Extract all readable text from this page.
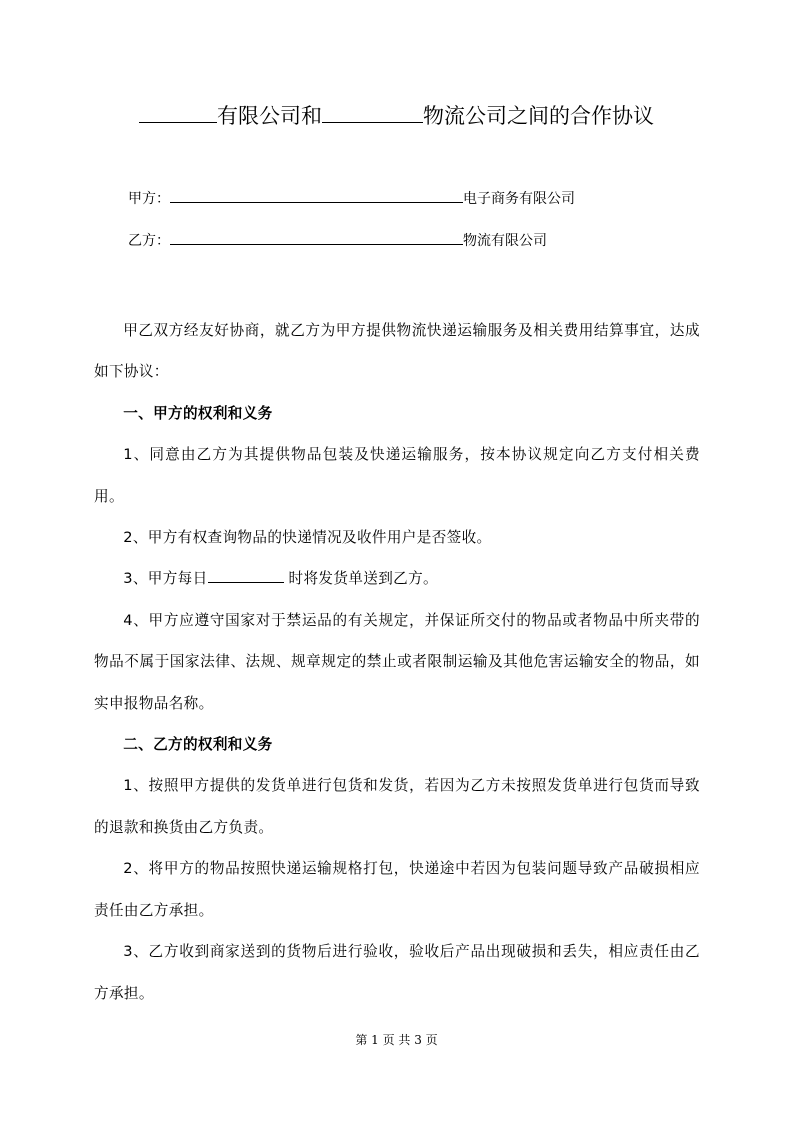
有限公司和	物流公司之间的合作协议
甲方：	电子商务有限公司
乙方：	物流有限公司

甲乙双方经友好协商，就乙方为甲方提供物流快递运输服务及相关费用结算事宜，达成如下协议：

一、甲方的权利和义务

1、同意由乙方为其提供物品包装及快递运输服务，按本协议规定向乙方支付相关费用。

2、甲方有权查询物品的快递情况及收件用户是否签收。

3、甲方每日	时将发货单送到乙方。

4、甲方应遵守国家对于禁运品的有关规定，并保证所交付的物品或者物品中所夹带的物品不属于国家法律、法规、规章规定的禁止或者限制运输及其他危害运输安全的物品，如实申报物品名称。

二、乙方的权利和义务

1、按照甲方提供的发货单进行包货和发货，若因为乙方未按照发货单进行包货而导致的退款和换货由乙方负责。

2、将甲方的物品按照快递运输规格打包，快递途中若因为包装问题导致产品破损相应责任由乙方承担。

3、乙方收到商家送到的货物后进行验收，验收后产品出现破损和丢失，相应责任由乙方承担。

第 1 页 共 3 页
